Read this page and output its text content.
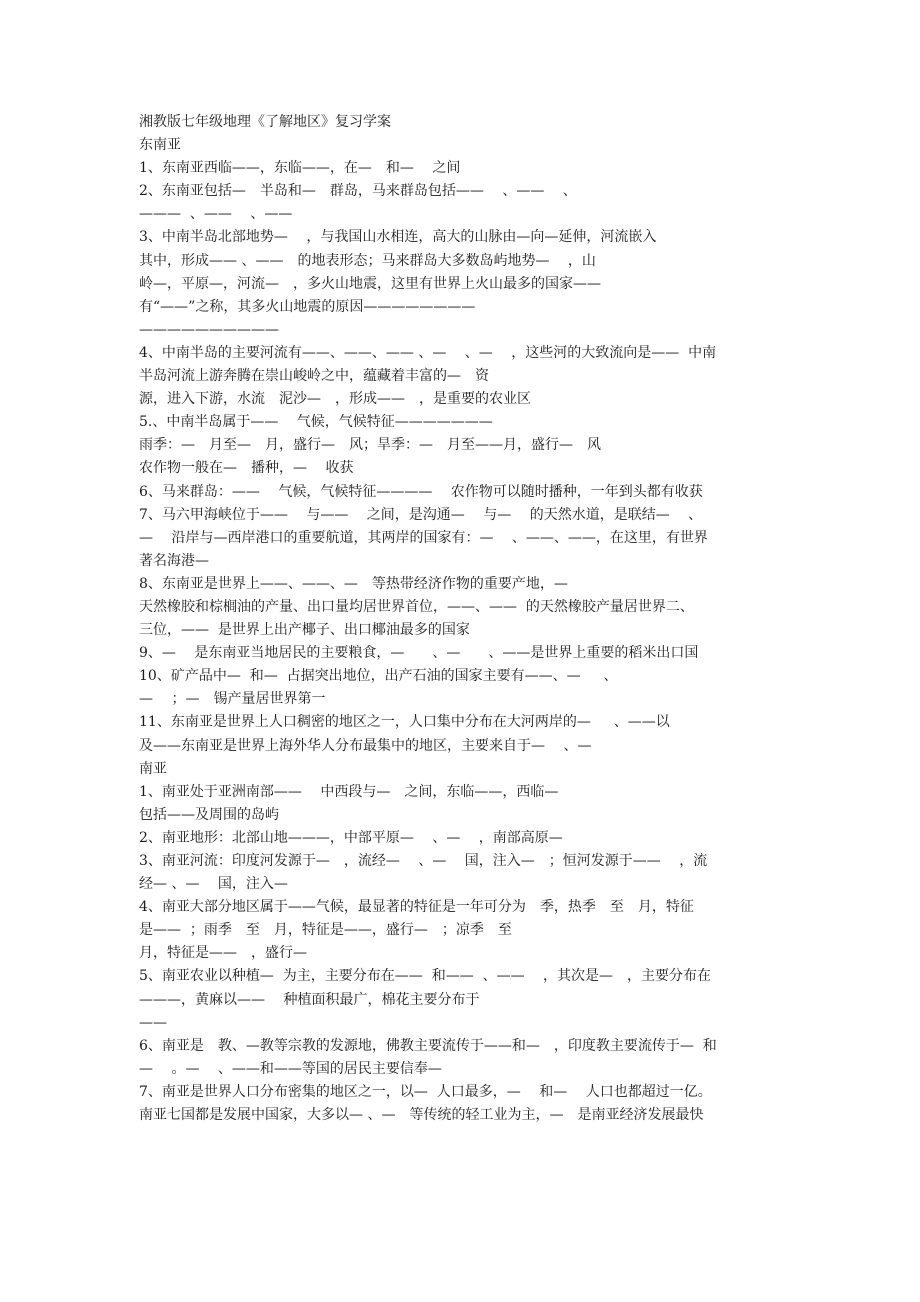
湘教版七年级地理《了解地区》复习学案
东南亚
1、东南亚西临——，东临——，在—　和—　 之间
2、东南亚包括—　半岛和—　群岛，马来群岛包括——　 、——　 、
———  、——　 、——
3、中南半岛北部地势—　 ，与我国山水相连，高大的山脉由—向—延伸，河流嵌入
其中，形成—— 、——　的地表形态；马来群岛大多数岛屿地势—　 ，山
岭—，平原—，河流—　，多火山地震，这里有世界上火山最多的国家——
有“——”之称，其多火山地震的原因————————
——————————
4、中南半岛的主要河流有——、——、—— 、—　 、—　 ，这些河的大致流向是——  中南
半岛河流上游奔腾在崇山峻岭之中，蕴藏着丰富的—　资
源，进入下游，水流　泥沙—　，形成——　，是重要的农业区
5.、中南半岛属于——　 气候，气候特征———————
雨季：—　月至—　月，盛行—　风；旱季：—　月至——月，盛行—　风
农作物一般在—　播种，—　 收获
6、马来群岛：——　 气候，气候特征————　 农作物可以随时播种，一年到头都有收获
7、马六甲海峡位于——　 与——　 之间，是沟通—　 与—　 的天然水道，是联结—　 、
—　 沿岸与—西岸港口的重要航道，其两岸的国家有：—　 、——、——，在这里，有世界
著名海港—
8、东南亚是世界上——、——、—　等热带经济作物的重要产地，—
天然橡胶和棕榈油的产量、出口量均居世界首位，——、——  的天然橡胶产量居世界二、
三位，——  是世界上出产椰子、出口椰油最多的国家
9、—　 是东南亚当地居民的主要粮食，—　　、—　　、——是世界上重要的稻米出口国
10、矿产品中—  和—  占据突出地位，出产石油的国家主要有——、—　  、
—　 ；—　锡产量居世界第一
11、东南亚是世界上人口稠密的地区之一，人口集中分布在大河两岸的—　  、——以
及——东南亚是世界上海外华人分布最集中的地区，主要来自于—　 、—
南亚
1、南亚处于亚洲南部——　 中西段与—　之间，东临——，西临—
包括——及周围的岛屿
2、南亚地形：北部山地———，中部平原—　 、—　 ，南部高原—
3、南亚河流：印度河发源于—　，流经—　 、—　 国，注入—　；恒河发源于——　 ，流
经— 、—　 国，注入—
4、南亚大部分地区属于——气候，最显著的特征是一年可分为　季，热季　至　月，特征
是——  ；雨季　至　月，特征是——，盛行—　；凉季　至
月，特征是——　，盛行—
5、南亚农业以种植—  为主，主要分布在——  和——  、——　 ，其次是—　，主要分布在
———，黄麻以——　 种植面积最广，棉花主要分布于
——
6、南亚是　教、—教等宗教的发源地，佛教主要流传于——和—　，印度教主要流传于—  和
—　 。—　 、——和——等国的居民主要信奉—
7、南亚是世界人口分布密集的地区之一，以—  人口最多，—　 和—　 人口也都超过一亿。
南亚七国都是发展中国家，大多以— 、—　等传统的轻工业为主，—　是南亚经济发展最快
